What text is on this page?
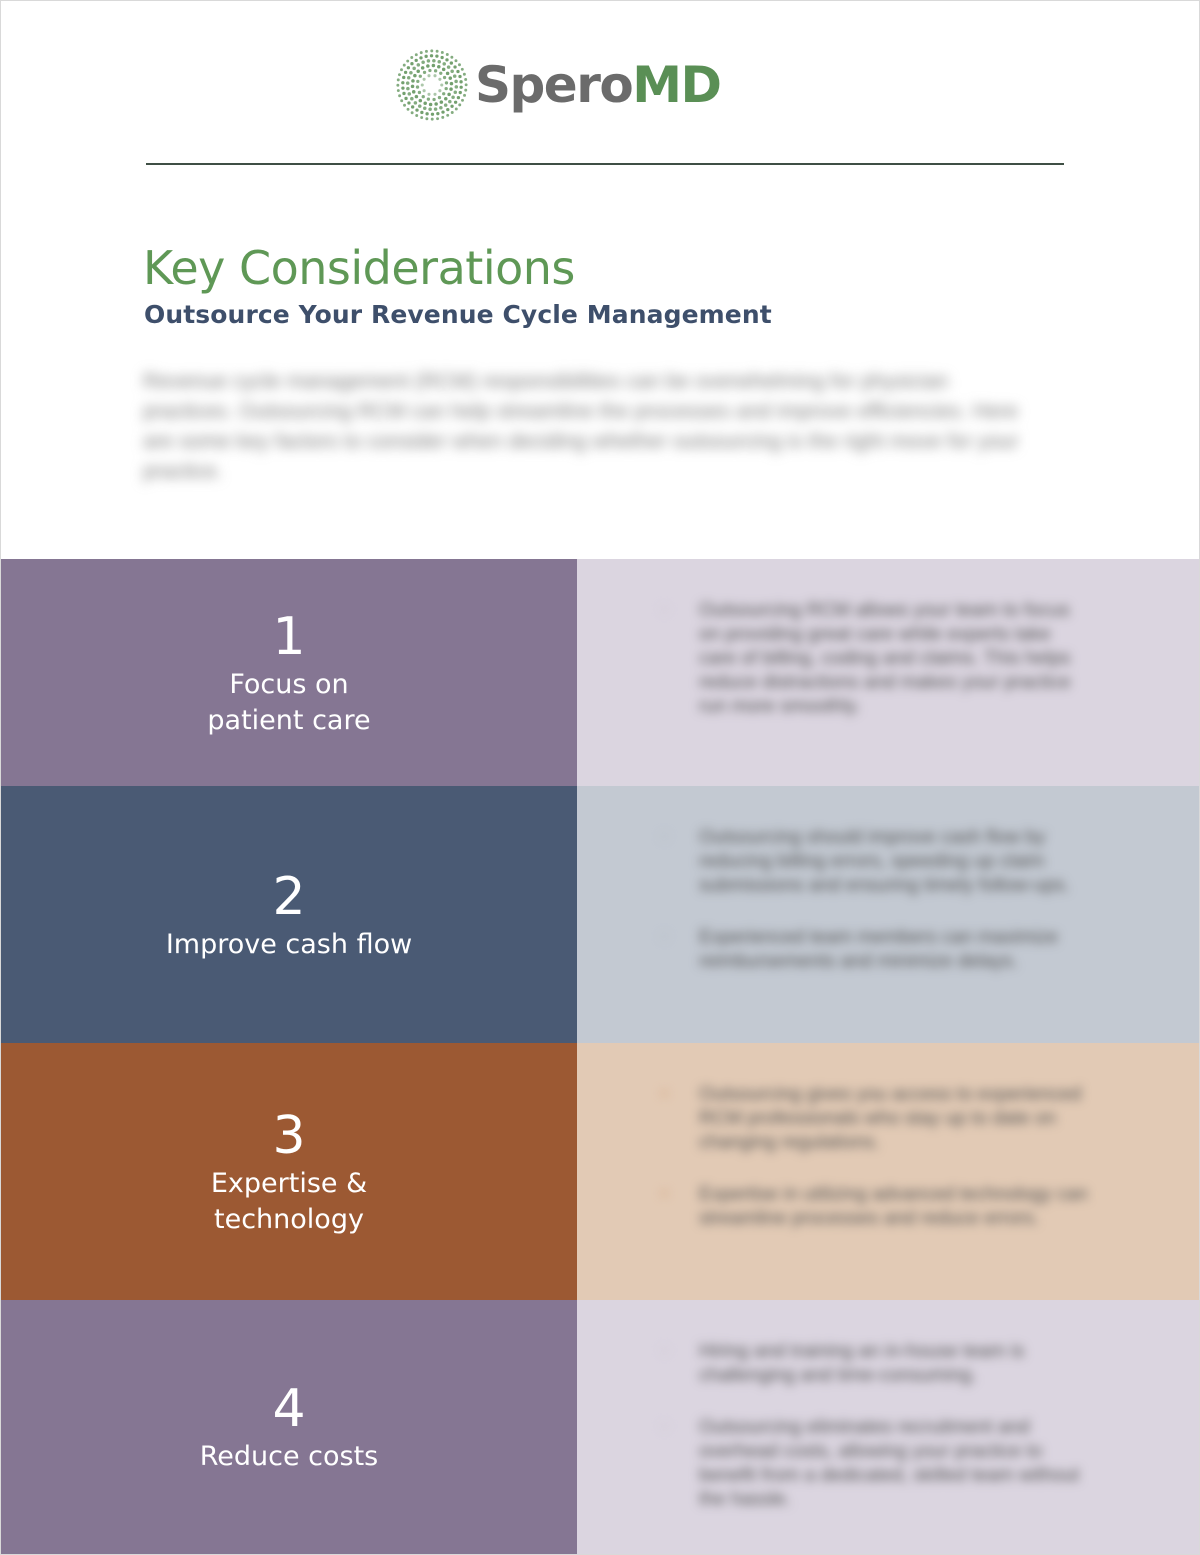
SperoMD
Key Considerations
Outsource Your Revenue Cycle Management

Revenue cycle management (RCM) responsibilities can be overwhelming for physician practices. Outsourcing RCM can help streamline the processes and improve efficiencies. Here are some key factors to consider when deciding whether outsourcing is the right move for your practice.

1
Focus on
patient care
• Outsourcing RCM allows your team to focus on providing great care while experts take care of billing, coding and claims. This helps reduce distractions and makes your practice run more smoothly.
2
Improve cash flow
• Outsourcing should improve cash flow by reducing billing errors, speeding up claim submissions and ensuring timely follow-ups.
• Experienced team members can maximize reimbursements and minimize delays.
3
Expertise &
technology
• Outsourcing gives you access to experienced RCM professionals who stay up to date on changing regulations.
• Expertise in utilizing advanced technology can streamline processes and reduce errors.
4
Reduce costs
• Hiring and training an in-house team is challenging and time-consuming.
• Outsourcing eliminates recruitment and overhead costs, allowing your practice to benefit from a dedicated, skilled team without the hassle.
